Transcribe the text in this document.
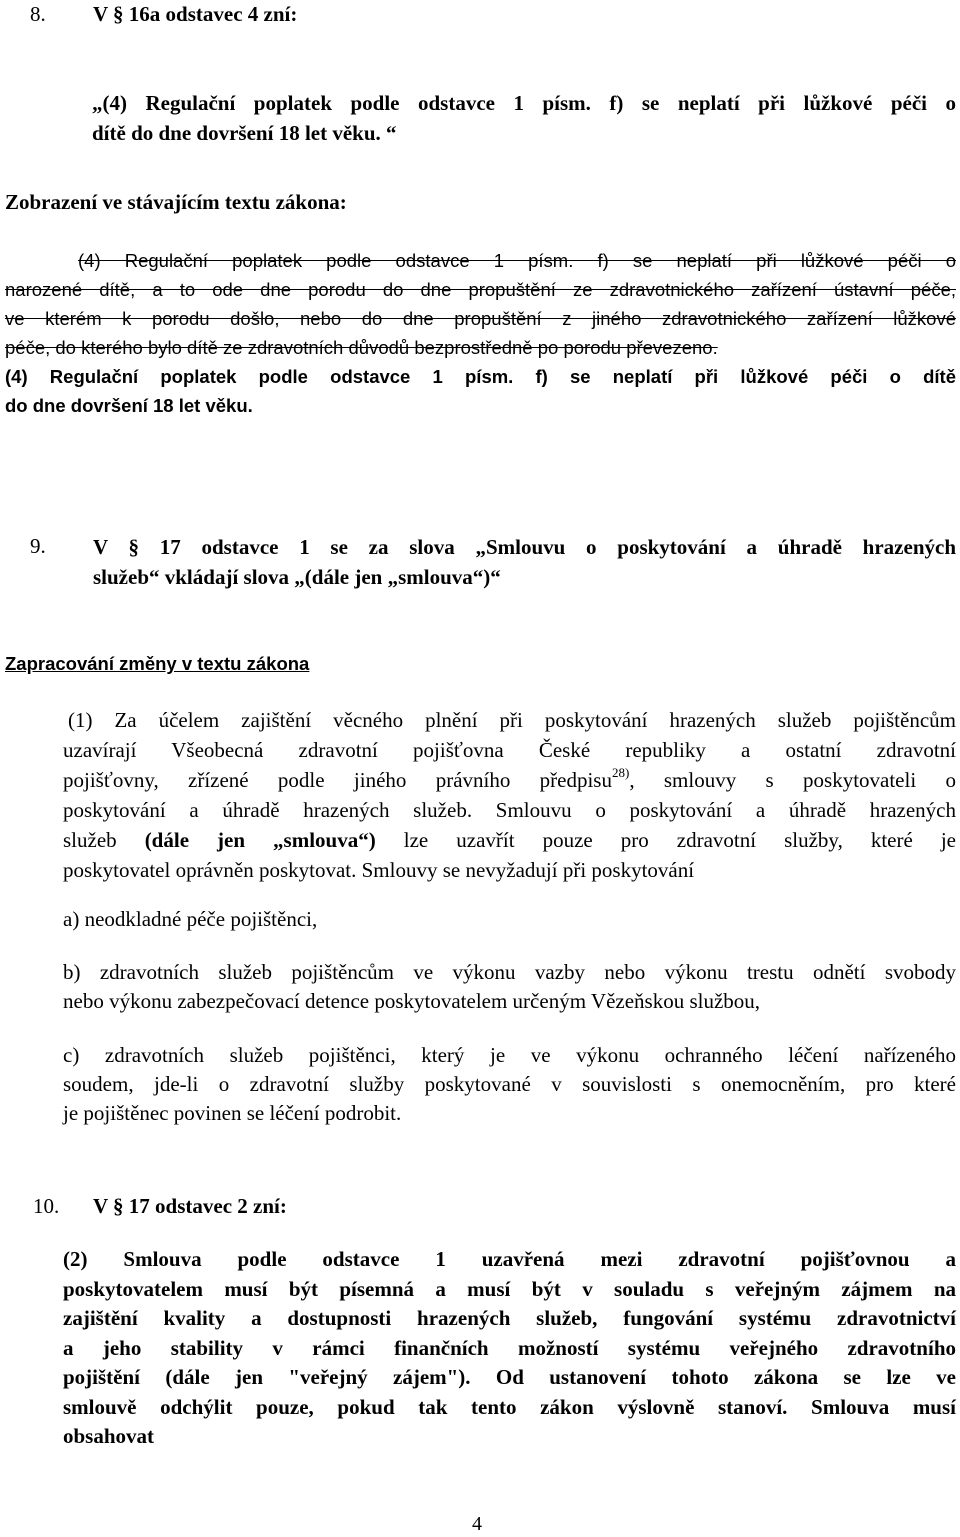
8. V § 16a odstavec 4 zní:
„(4) Regulační poplatek podle odstavce 1 písm. f) se neplatí při lůžkové péči o
dítě do dne dovršení 18 let věku. “
Zobrazení ve stávajícím textu zákona:
(4) Regulační poplatek podle odstavce 1 písm. f) se neplatí při lůžkové péči o
narozené dítě, a to ode dne porodu do dne propuštění ze zdravotnického zařízení ústavní péče,
ve kterém k porodu došlo, nebo do dne propuštění z jiného zdravotnického zařízení lůžkové
péče, do kterého bylo dítě ze zdravotních důvodů bezprostředně po porodu převezeno.
(4) Regulační poplatek podle odstavce 1 písm. f) se neplatí při lůžkové péči o dítě
do dne dovršení 18 let věku.
9. V § 17 odstavce 1 se za slova „Smlouvu o poskytování a úhradě hrazených
služeb“ vkládají slova „(dále jen „smlouva“)“
Zapracování změny v textu zákona
(1) Za účelem zajištění věcného plnění při poskytování hrazených služeb pojištěncům
uzavírají Všeobecná zdravotní pojišťovna České republiky a ostatní zdravotní
pojišťovny, zřízené podle jiného právního předpisu$^{28)}$, smlouvy s poskytovateli o
poskytování a úhradě hrazených služeb. Smlouvu o poskytování a úhradě hrazených
služeb (dále jen „smlouva“) lze uzavřít pouze pro zdravotní služby, které je
poskytovatel oprávněn poskytovat. Smlouvy se nevyžadují při poskytování
a) neodkladné péče pojištěnci,
b) zdravotních služeb pojištěncům ve výkonu vazby nebo výkonu trestu odnětí svobody
nebo výkonu zabezpečovací detence poskytovatelem určeným Vězeňskou službou,
c) zdravotních služeb pojištěnci, který je ve výkonu ochranného léčení nařízeného
soudem, jde-li o zdravotní služby poskytované v souvislosti s onemocněním, pro které
je pojištěnec povinen se léčení podrobit.
10. V § 17 odstavec 2 zní:
(2) Smlouva podle odstavce 1 uzavřená mezi zdravotní pojišťovnou a
poskytovatelem musí být písemná a musí být v souladu s veřejným zájmem na
zajištění kvality a dostupnosti hrazených služeb, fungování systému zdravotnictví
a jeho stability v rámci finančních možností systému veřejného zdravotního
pojištění (dále jen "veřejný zájem"). Od ustanovení tohoto zákona se lze ve
smlouvě odchýlit pouze, pokud tak tento zákon výslovně stanoví. Smlouva musí
obsahovat
4
